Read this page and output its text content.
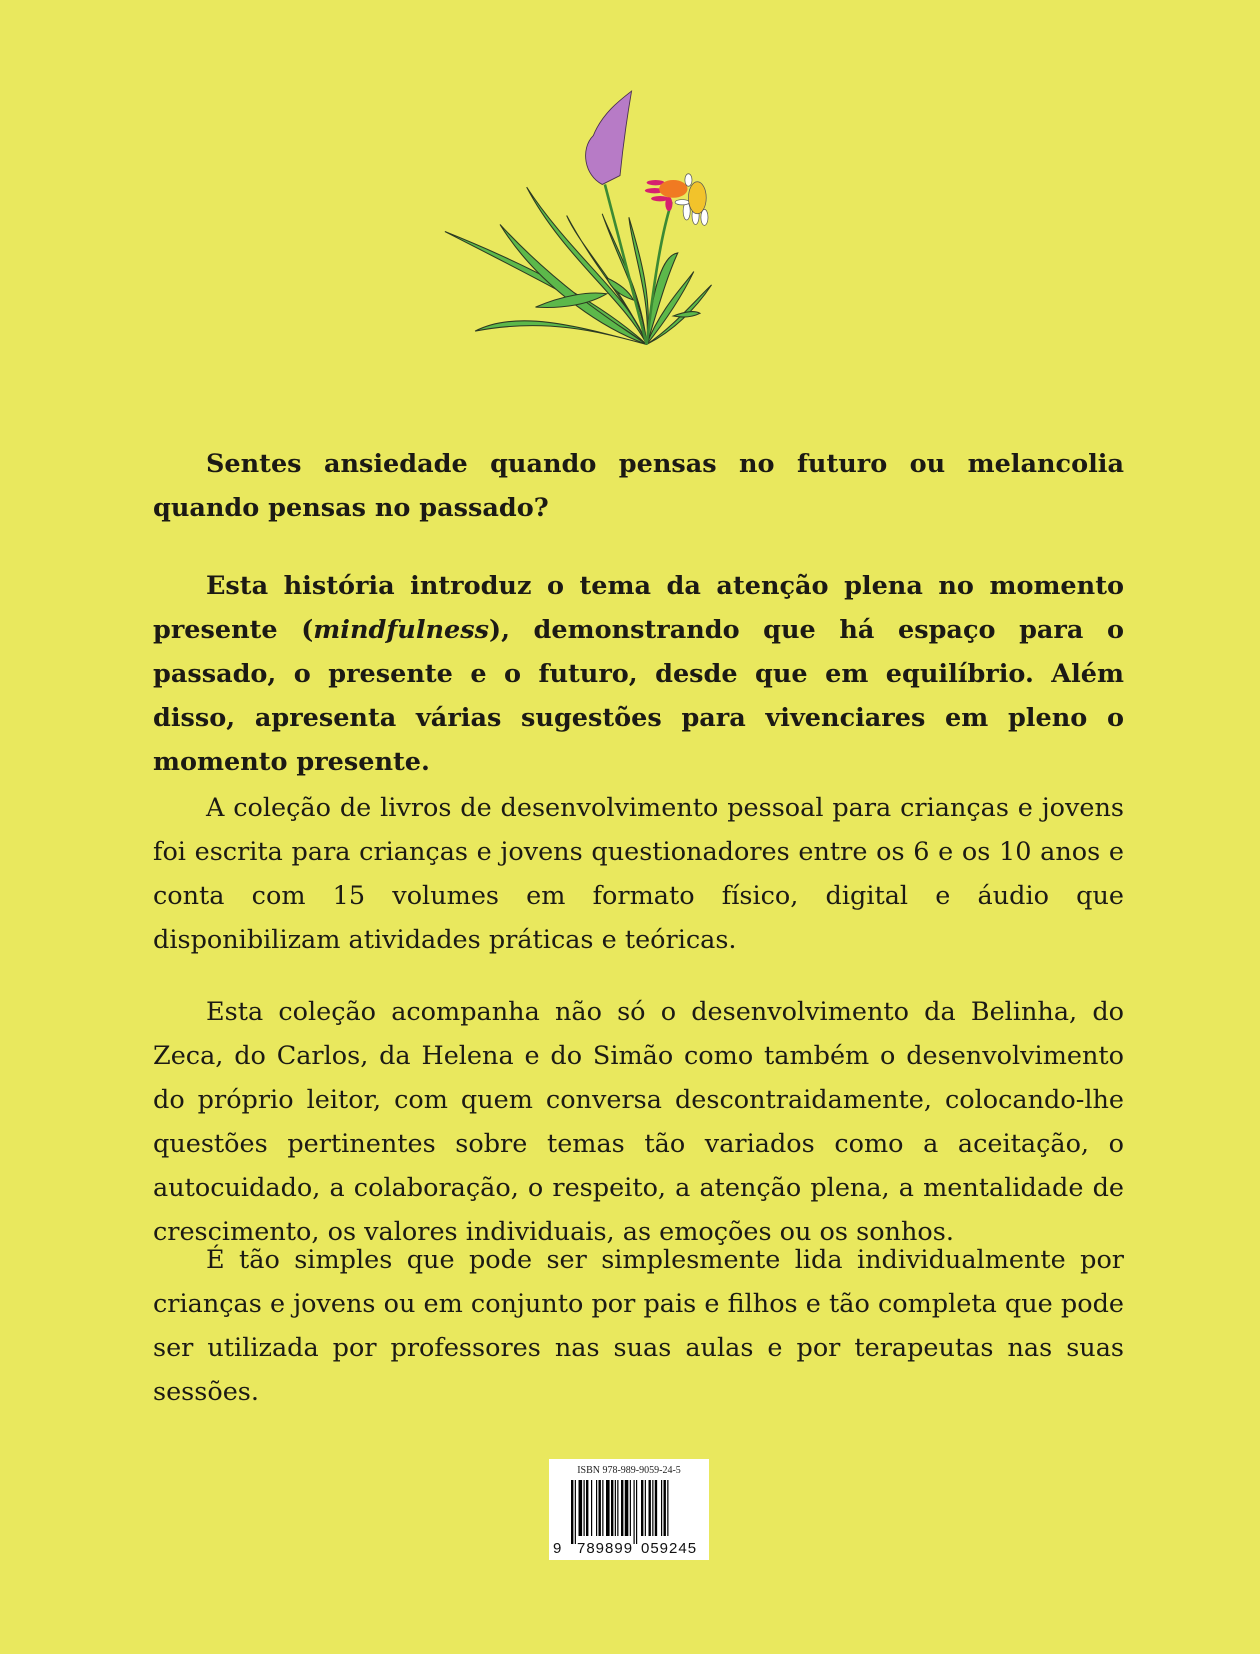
Sentes ansiedade quando pensas no futuro ou melancolia quando pensas no passado?

Esta história introduz o tema da atenção plena no momento presente (mindfulness), demonstrando que há espaço para o passado, o presente e o futuro, desde que em equilíbrio. Além disso, apresenta várias sugestões para vivenciares em pleno o momento presente.

A coleção de livros de desenvolvimento pessoal para crianças e jovens foi escrita para crianças e jovens questionadores entre os 6 e os 10 anos e conta com 15 volumes em formato físico, digital e áudio que disponibilizam atividades práticas e teóricas.

Esta coleção acompanha não só o desenvolvimento da Belinha, do Zeca, do Carlos, da Helena e do Simão como também o desenvolvimento do próprio leitor, com quem conversa descontraidamente, colocando-lhe questões pertinentes sobre temas tão variados como a aceitação, o autocuidado, a colaboração, o respeito, a atenção plena, a mentalidade de crescimento, os valores individuais, as emoções ou os sonhos.

É tão simples que pode ser simplesmente lida individualmente por crianças e jovens ou em conjunto por pais e filhos e tão completa que pode ser utilizada por professores nas suas aulas e por terapeutas nas suas sessões.

ISBN 978-989-9059-24-5
9 789899 059245
